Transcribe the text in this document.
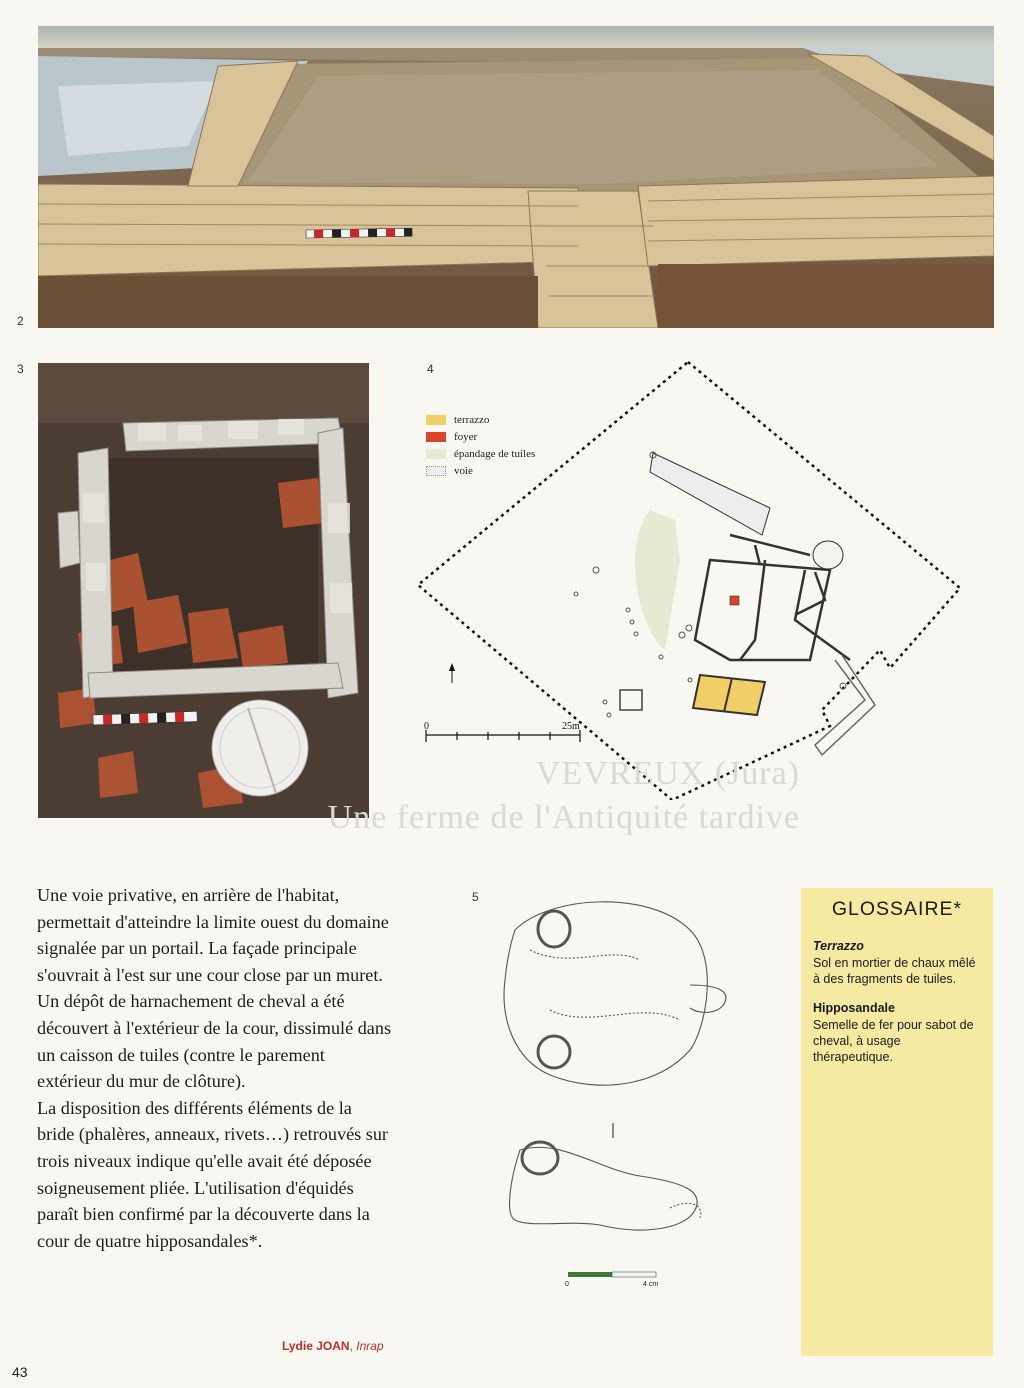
2
3	4
5
0	25m
terrazzo
foyer
épandage de tuiles
voie
VEVREUX (Jura)
Une ferme de l'Antiquité tardive

Une voie privative, en arrière de l'habitat, permettait d'atteindre la limite ouest du domaine signalée par un portail. La façade principale s'ouvrait à l'est sur une cour close par un muret.

Un dépôt de harnachement de cheval a été découvert à l'extérieur de la cour, dissimulé dans un caisson de tuiles (contre le parement extérieur du mur de clôture).

La disposition des différents éléments de la bride (phalères, anneaux, rivets…) retrouvés sur trois niveaux indique qu'elle avait été déposée soigneusement pliée. L'utilisation d'équidés paraît bien confirmé par la découverte dans la cour de quatre hipposandales*.

0	4 cm
GLOSSAIRE*
Terrazzo
Sol en mortier de chaux mêlé à des fragments de tuiles.
Hipposandale
Semelle de fer pour sabot de cheval, à usage thérapeutique.
Lydie JOAN, Inrap
43
